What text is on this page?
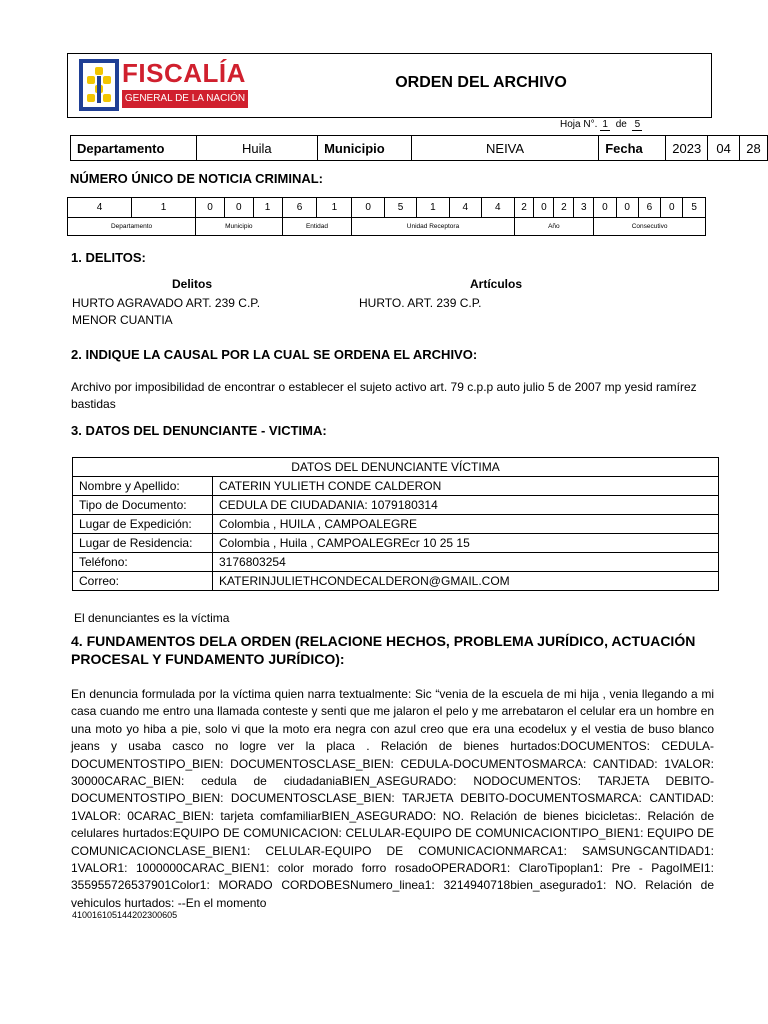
FISCALÍA
GENERAL DE LA NACIÓN
ORDEN DEL ARCHIVO
Hoja N°. 1 de 5
Departamento	Huila	Municipio	NEIVA	Fecha	2023	04	28
NÚMERO ÚNICO DE NOTICIA CRIMINAL:
4	1	0	0	1	6	1	0	5	1	4	4	2	0	2	3	0	0	6	0	5
Departamento		Municipio			Entidad		Unidad Receptora					Año				Consecutivo				
1. DELITOS:
Delitos	Artículos
HURTO AGRAVADO ART. 239 C.P.
MENOR CUANTIA
HURTO. ART. 239 C.P.
2. INDIQUE LA CAUSAL POR LA CUAL SE ORDENA EL ARCHIVO:
Archivo por imposibilidad de encontrar o establecer el sujeto activo art. 79 c.p.p auto julio 5 de 2007 mp yesid ramírez bastidas
3. DATOS DEL DENUNCIANTE - VICTIMA:
DATOS DEL DENUNCIANTE VÍCTIMA	
Nombre y Apellido:	CATERIN YULIETH CONDE CALDERON
Tipo de Documento:	CEDULA DE CIUDADANIA: 1079180314
Lugar de Expedición:	Colombia , HUILA , CAMPOALEGRE
Lugar de Residencia:	Colombia , Huila , CAMPOALEGREcr 10 25 15
Teléfono:	3176803254
Correo:	KATERINJULIETHCONDECALDERON@GMAIL.COM
El denunciantes es la víctima
4. FUNDAMENTOS DELA ORDEN (RELACIONE HECHOS, PROBLEMA JURÍDICO, ACTUACIÓN
PROCESAL Y FUNDAMENTO JURÍDICO):
En denuncia formulada por la víctima quien narra textualmente: Sic “venia de la escuela de mi hija , venia llegando a mi casa cuando me entro una llamada conteste y senti que me jalaron el pelo y me arrebataron el celular era un hombre en una moto yo hiba a pie, solo vi que la moto era negra con azul creo que era una ecodelux y el vestia de buso blanco jeans y usaba casco no logre ver la placa . Relación de bienes hurtados:DOCUMENTOS: CEDULA-DOCUMENTOSTIPO_BIEN: DOCUMENTOSCLASE_BIEN: CEDULA-DOCUMENTOSMARCA: CANTIDAD: 1VALOR: 30000CARAC_BIEN: cedula de ciudadaniaBIEN_ASEGURADO: NODOCUMENTOS: TARJETA DEBITO-DOCUMENTOSTIPO_BIEN: DOCUMENTOSCLASE_BIEN: TARJETA DEBITO-DOCUMENTOSMARCA: CANTIDAD: 1VALOR: 0CARAC_BIEN: tarjeta comfamiliarBIEN_ASEGURADO: NO. Relación de bienes bicicletas:. Relación de celulares hurtados:EQUIPO DE COMUNICACION: CELULAR-EQUIPO DE COMUNICACIONTIPO_BIEN1: EQUIPO DE COMUNICACIONCLASE_BIEN1: CELULAR-EQUIPO DE COMUNICACIONMARCA1: SAMSUNGCANTIDAD1: 1VALOR1: 1000000CARAC_BIEN1: color morado forro rosadoOPERADOR1: ClaroTipoplan1: Pre - PagoIMEI1: 355955726537901Color1: MORADO CORDOBESNumero_linea1: 3214940718bien_asegurado1: NO. Relación de vehiculos hurtados: --En el momento
410016105144202300605
